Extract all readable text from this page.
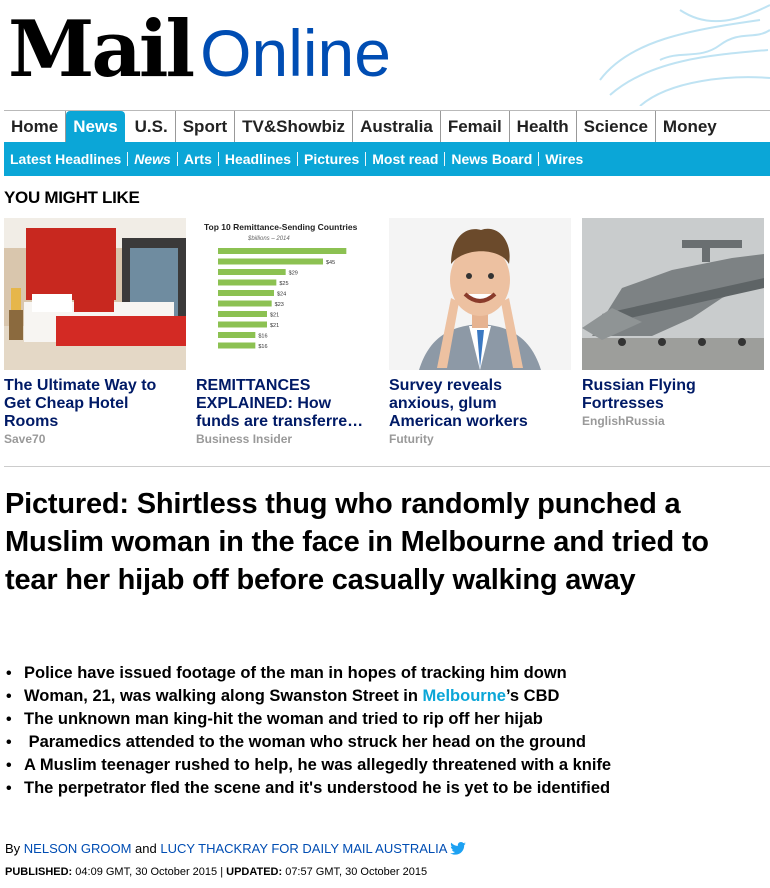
Mail Online
Home News	U.S. Sport TV&Showbiz Australia Femail Health Science Money
Latest Headlines News Arts Headlines Pictures Most read News Board Wires
YOU MIGHT LIKE
The Ultimate Way to Get Cheap Hotel Rooms
Save70
Top 10 Remittance-Sending Countries
$billions – 2014
$45
$29
$25
$24
$23
$21
$21
$16
$16
REMITTANCES EXPLAINED: How funds are transferre…
Business Insider
Survey reveals anxious, glum American workers
Futurity
Russian Flying Fortresses
EnglishRussia
Pictured: Shirtless thug who randomly punched a Muslim woman in the face in Melbourne and tried to tear her hijab off before casually walking away
• Police have issued footage of the man in hopes of tracking him down
• Woman, 21, was walking along Swanston Street in Melbourne’s CBD
• The unknown man king-hit the woman and tried to rip off her hijab
• Paramedics attended to the woman who struck her head on the ground
• A Muslim teenager rushed to help, he was allegedly threatened with a knife
• The perpetrator fled the scene and it's understood he is yet to be identified
By NELSON GROOM and LUCY THACKRAY FOR DAILY MAIL AUSTRALIA
PUBLISHED: 04:09 GMT, 30 October 2015 | UPDATED: 07:57 GMT, 30 October 2015
